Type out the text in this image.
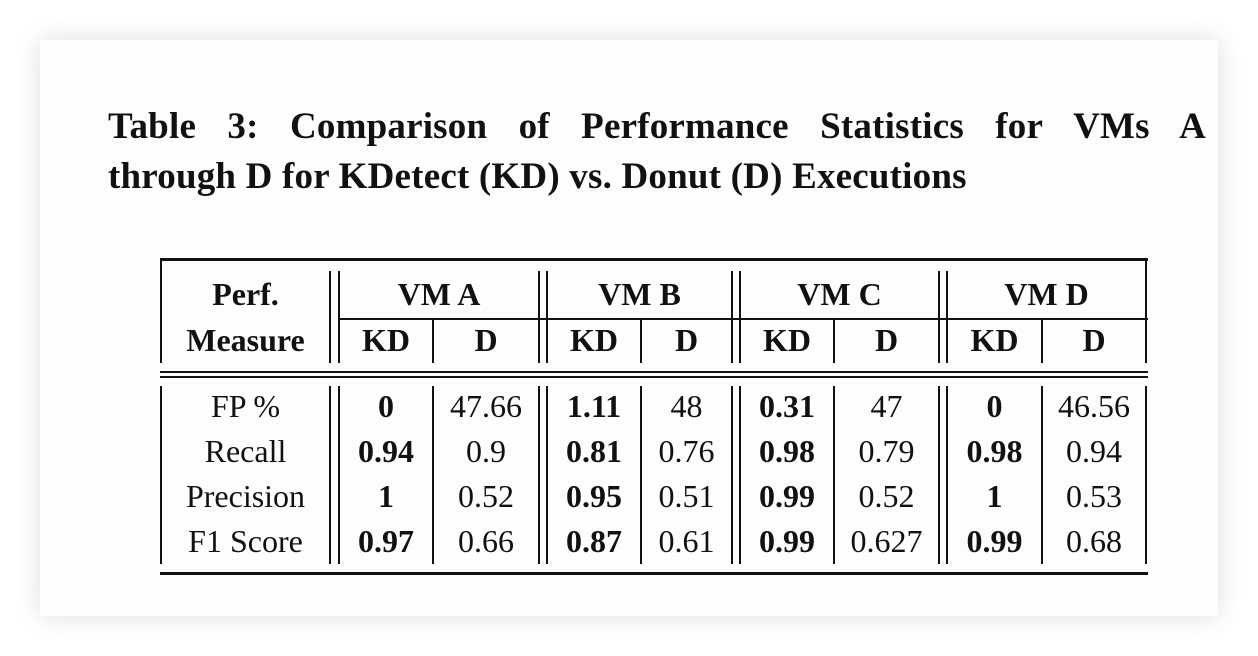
Table 3: Comparison of Performance Statistics for VMs A
through D for KDetect (KD) vs. Donut (D) Executions
Perf.
Measure
VM A	VM B	VM C	VM D
KD	D	KD	D	KD	D	KD	D
FP %	0	47.66	1.11	48	0.31	47	0	46.56
Recall	0.94	0.9	0.81	0.76	0.98	0.79	0.98	0.94
Precision	1	0.52	0.95	0.51	0.99	0.52	1	0.53
F1 Score	0.97	0.66	0.87	0.61	0.99	0.627	0.99	0.68
